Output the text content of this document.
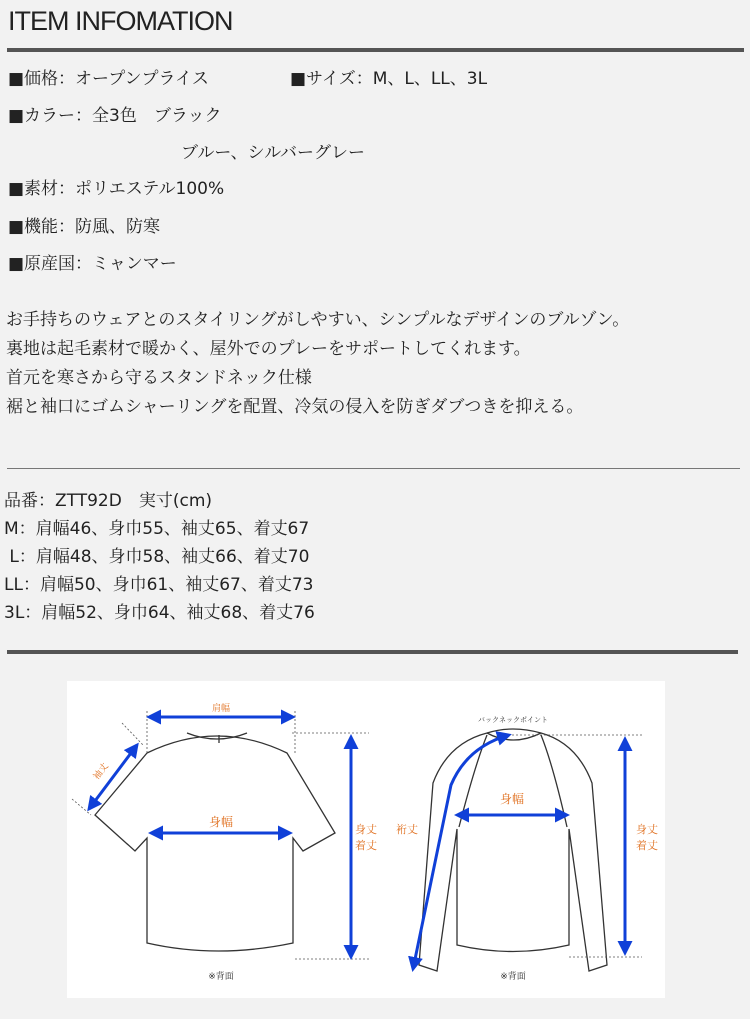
ITEM INFOMATION
■価格：オープンプライス	■サイズ：M、L、LL、3L
■カラー：全3色　ブラック
ブルー、シルバーグレー
■素材：ポリエステル100%
■機能：防風、防寒
■原産国：ミャンマー
お手持ちのウェアとのスタイリングがしやすい、シンプルなデザインのブルゾン。
裏地は起毛素材で暖かく、屋外でのプレーをサポートしてくれます。
首元を寒さから守るスタンドネック仕様
裾と袖口にゴムシャーリングを配置、冷気の侵入を防ぎダブつきを抑える。
品番：ZTT92D　実寸(cm)
M：肩幅46、身巾55、袖丈65、着丈67
L：肩幅48、身巾58、袖丈66、着丈70
LL：肩幅50、身巾61、袖丈67、着丈73
3L：肩幅52、身巾64、袖丈68、着丈76
肩幅
身幅
袖丈
身丈
着丈
※背面
バックネックポイント
身幅
裄丈	身丈
着丈
※背面
